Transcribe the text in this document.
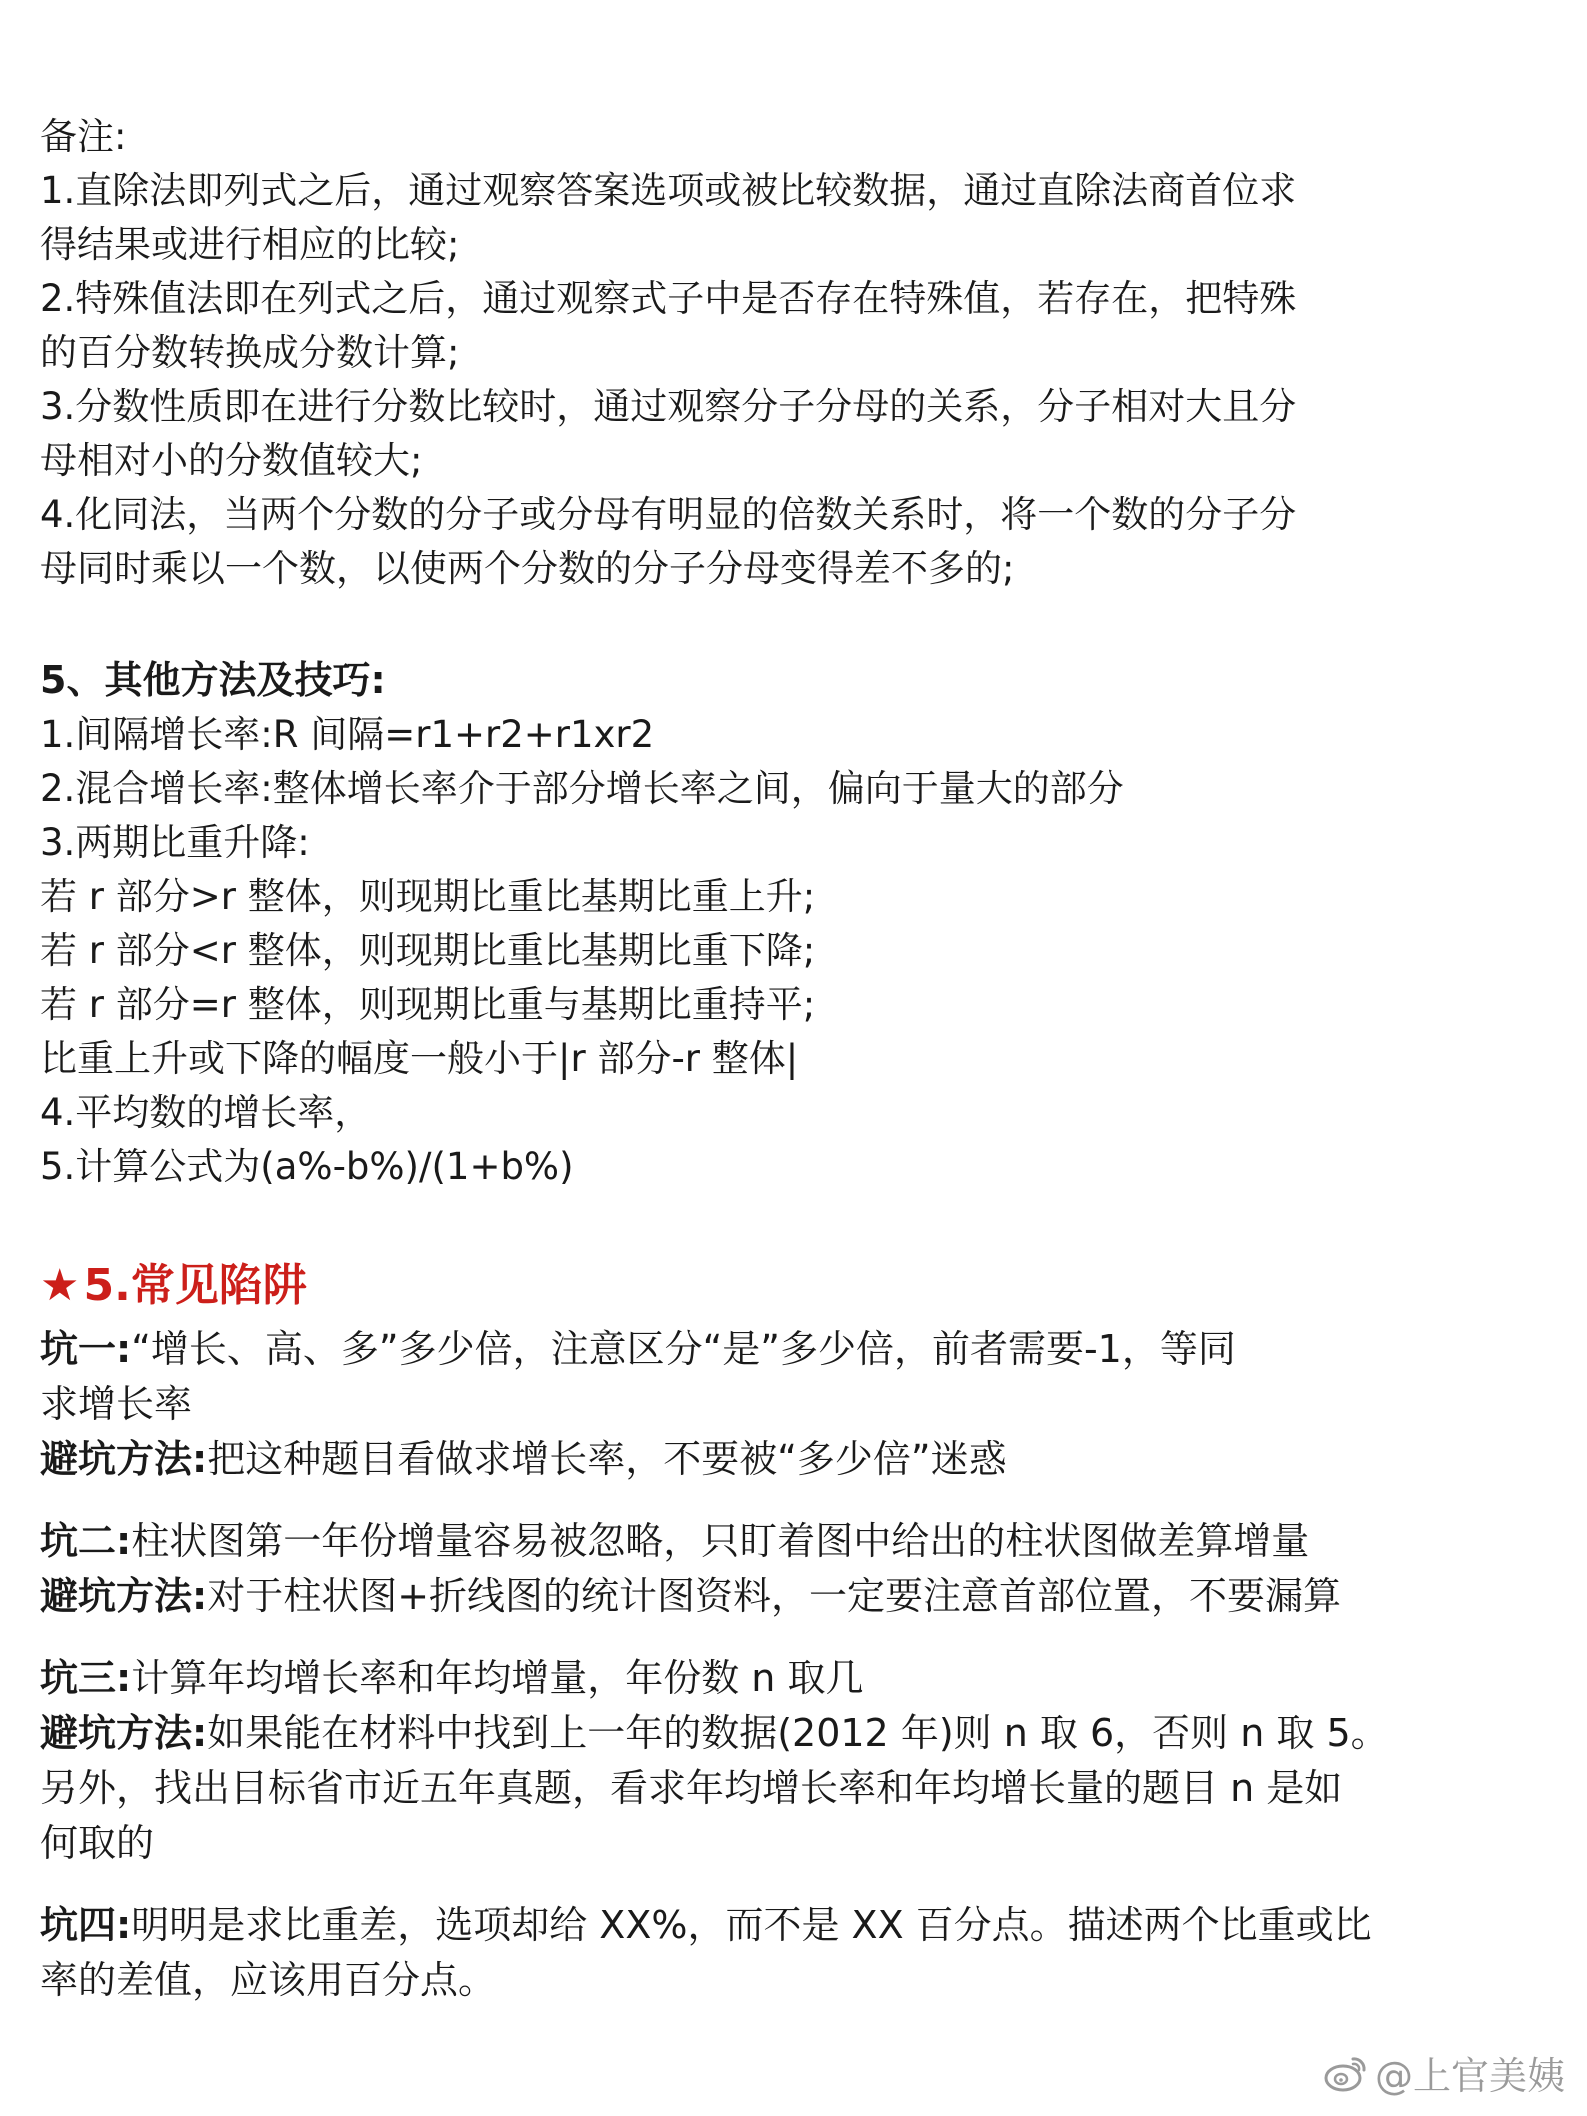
备注:

1.直除法即列式之后，通过观察答案选项或被比较数据，通过直除法商首位求

得结果或进行相应的比较;

2.特殊值法即在列式之后，通过观察式子中是否存在特殊值，若存在，把特殊

的百分数转换成分数计算;

3.分数性质即在进行分数比较时，通过观察分子分母的关系，分子相对大且分

母相对小的分数值较大;

4.化同法，当两个分数的分子或分母有明显的倍数关系时，将一个数的分子分

母同时乘以一个数，以使两个分数的分子分母变得差不多的;

5、其他方法及技巧:

1.间隔增长率:R 间隔=r1+r2+r1xr2

2.混合增长率:整体增长率介于部分增长率之间，偏向于量大的部分

3.两期比重升降:

若 r 部分>r 整体，则现期比重比基期比重上升;

若 r 部分<r 整体，则现期比重比基期比重下降;

若 r 部分=r 整体，则现期比重与基期比重持平;

比重上升或下降的幅度一般小于|r 部分-r 整体|

4.平均数的增长率，

5.计算公式为(a%-b%)/(1+b%)

★5.常见陷阱

坑一:“增长、高、多”多少倍，注意区分“是”多少倍，前者需要-1，等同

求增长率

避坑方法:把这种题目看做求增长率，不要被“多少倍”迷惑

坑二:柱状图第一年份增量容易被忽略，只盯着图中给出的柱状图做差算增量

避坑方法:对于柱状图+折线图的统计图资料，一定要注意首部位置，不要漏算

坑三:计算年均增长率和年均增量，年份数 n 取几

避坑方法:如果能在材料中找到上一年的数据(2012 年)则 n 取 6，否则 n 取 5。

另外，找出目标省市近五年真题，看求年均增长率和年均增长量的题目 n 是如

何取的

坑四:明明是求比重差，选项却给 XX%，而不是 XX 百分点。描述两个比重或比

率的差值，应该用百分点。

@上官美姨
